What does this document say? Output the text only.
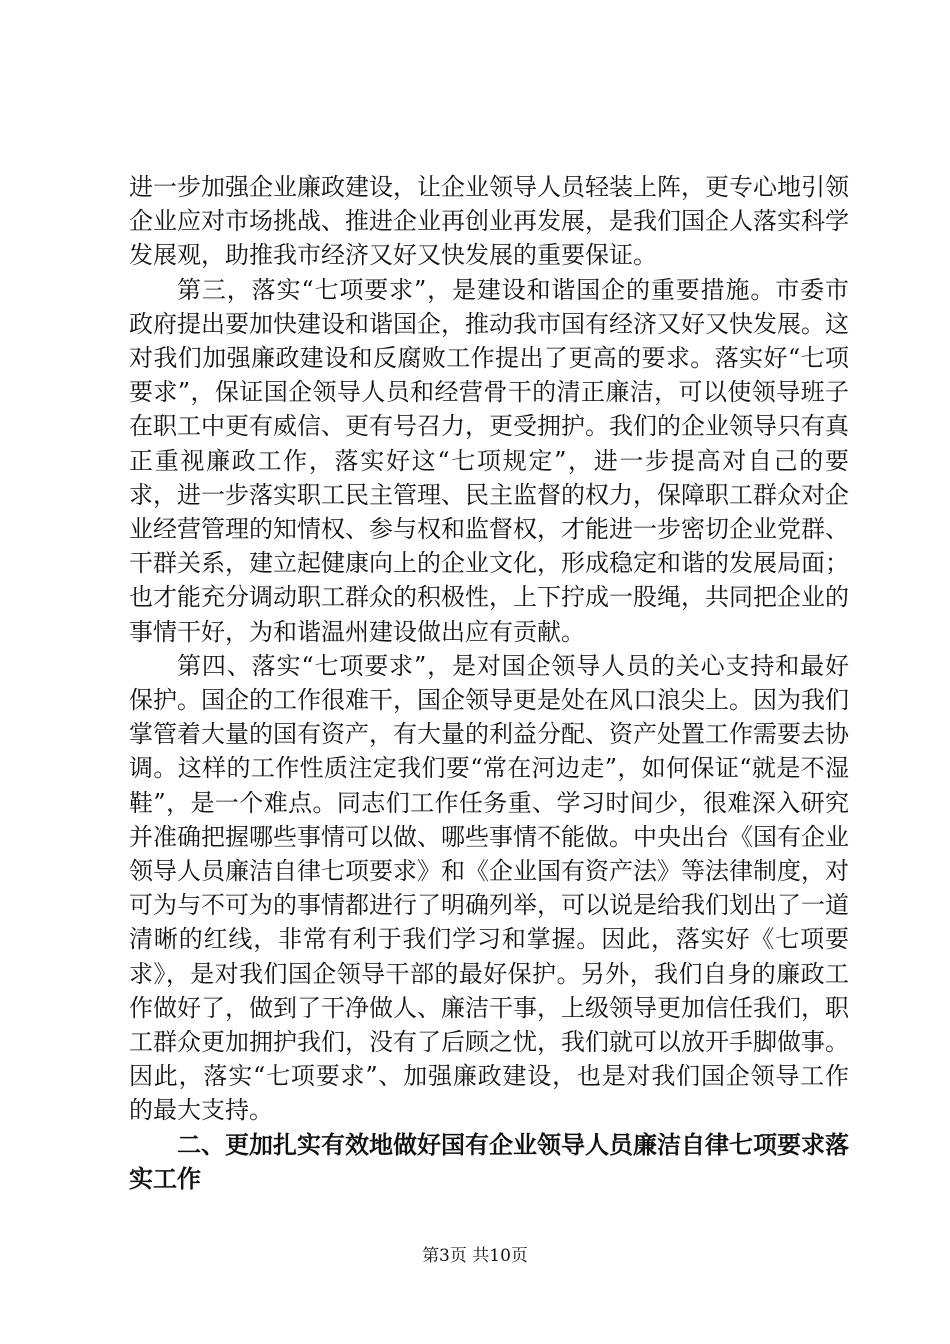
进一步加强企业廉政建设，让企业领导人员轻装上阵，更专心地引领企业应对市场挑战、推进企业再创业再发展，是我们国企人落实科学发展观，助推我市经济又好又快发展的重要保证。

第三，落实“七项要求”，是建设和谐国企的重要措施。市委市政府提出要加快建设和谐国企，推动我市国有经济又好又快发展。这对我们加强廉政建设和反腐败工作提出了更高的要求。落实好“七项要求”，保证国企领导人员和经营骨干的清正廉洁，可以使领导班子在职工中更有威信、更有号召力，更受拥护。我们的企业领导只有真正重视廉政工作，落实好这“七项规定”，进一步提高对自己的要求，进一步落实职工民主管理、民主监督的权力，保障职工群众对企业经营管理的知情权、参与权和监督权，才能进一步密切企业党群、干群关系，建立起健康向上的企业文化，形成稳定和谐的发展局面；也才能充分调动职工群众的积极性，上下拧成一股绳，共同把企业的事情干好，为和谐温州建设做出应有贡献。

第四、落实“七项要求”，是对国企领导人员的关心支持和最好保护。国企的工作很难干，国企领导更是处在风口浪尖上。因为我们掌管着大量的国有资产，有大量的利益分配、资产处置工作需要去协调。这样的工作性质注定我们要“常在河边走”，如何保证“就是不湿鞋”，是一个难点。同志们工作任务重、学习时间少，很难深入研究并准确把握哪些事情可以做、哪些事情不能做。中央出台《国有企业领导人员廉洁自律七项要求》和《企业国有资产法》等法律制度，对可为与不可为的事情都进行了明确列举，可以说是给我们划出了一道清晰的红线，非常有利于我们学习和掌握。因此，落实好《七项要求》，是对我们国企领导干部的最好保护。另外，我们自身的廉政工作做好了，做到了干净做人、廉洁干事，上级领导更加信任我们，职工群众更加拥护我们，没有了后顾之忧，我们就可以放开手脚做事。因此，落实“七项要求”、加强廉政建设，也是对我们国企领导工作的最大支持。

二、更加扎实有效地做好国有企业领导人员廉洁自律七项要求落实工作
第3页 共10页
